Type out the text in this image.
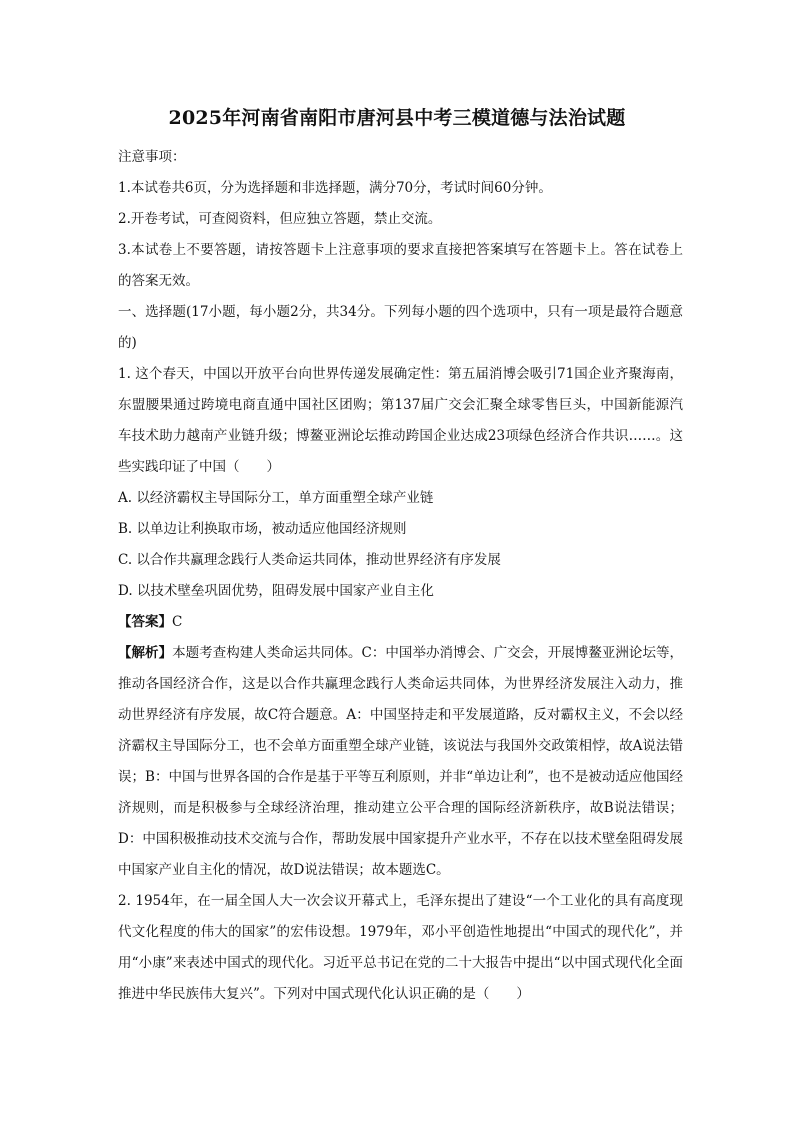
2025年河南省南阳市唐河县中考三模道德与法治试题

注意事项：

1.本试卷共6页，分为选择题和非选择题，满分70分，考试时间60分钟。

2.开卷考试，可查阅资料，但应独立答题，禁止交流。

3.本试卷上不要答题，请按答题卡上注意事项的要求直接把答案填写在答题卡上。答在试卷上的答案无效。

一、选择题(17小题，每小题2分，共34分。下列每小题的四个选项中，只有一项是最符合题意的)

1. 这个春天，中国以开放平台向世界传递发展确定性：第五届消博会吸引71国企业齐聚海南，东盟腰果通过跨境电商直通中国社区团购；第137届广交会汇聚全球零售巨头，中国新能源汽车技术助力越南产业链升级；博鳌亚洲论坛推动跨国企业达成23项绿色经济合作共识……。这些实践印证了中国（　　）

A. 以经济霸权主导国际分工，单方面重塑全球产业链

B. 以单边让利换取市场，被动适应他国经济规则

C. 以合作共赢理念践行人类命运共同体，推动世界经济有序发展

D. 以技术壁垒巩固优势，阻碍发展中国家产业自主化

【答案】C

【解析】本题考查构建人类命运共同体。C：中国举办消博会、广交会，开展博鳌亚洲论坛等，推动各国经济合作，这是以合作共赢理念践行人类命运共同体，为世界经济发展注入动力，推动世界经济有序发展，故C符合题意。A：中国坚持走和平发展道路，反对霸权主义，不会以经济霸权主导国际分工，也不会单方面重塑全球产业链，该说法与我国外交政策相悖，故A说法错误；B：中国与世界各国的合作是基于平等互利原则，并非“单边让利”，也不是被动适应他国经济规则，而是积极参与全球经济治理，推动建立公平合理的国际经济新秩序，故B说法错误；D：中国积极推动技术交流与合作，帮助发展中国家提升产业水平，不存在以技术壁垒阻碍发展中国家产业自主化的情况，故D说法错误；故本题选C。

2. 1954年，在一届全国人大一次会议开幕式上，毛泽东提出了建设“一个工业化的具有高度现代文化程度的伟大的国家”的宏伟设想。1979年，邓小平创造性地提出“中国式的现代化”，并用“小康”来表述中国式的现代化。习近平总书记在党的二十大报告中提出“以中国式现代化全面推进中华民族伟大复兴”。下列对中国式现代化认识正确的是（　　）
